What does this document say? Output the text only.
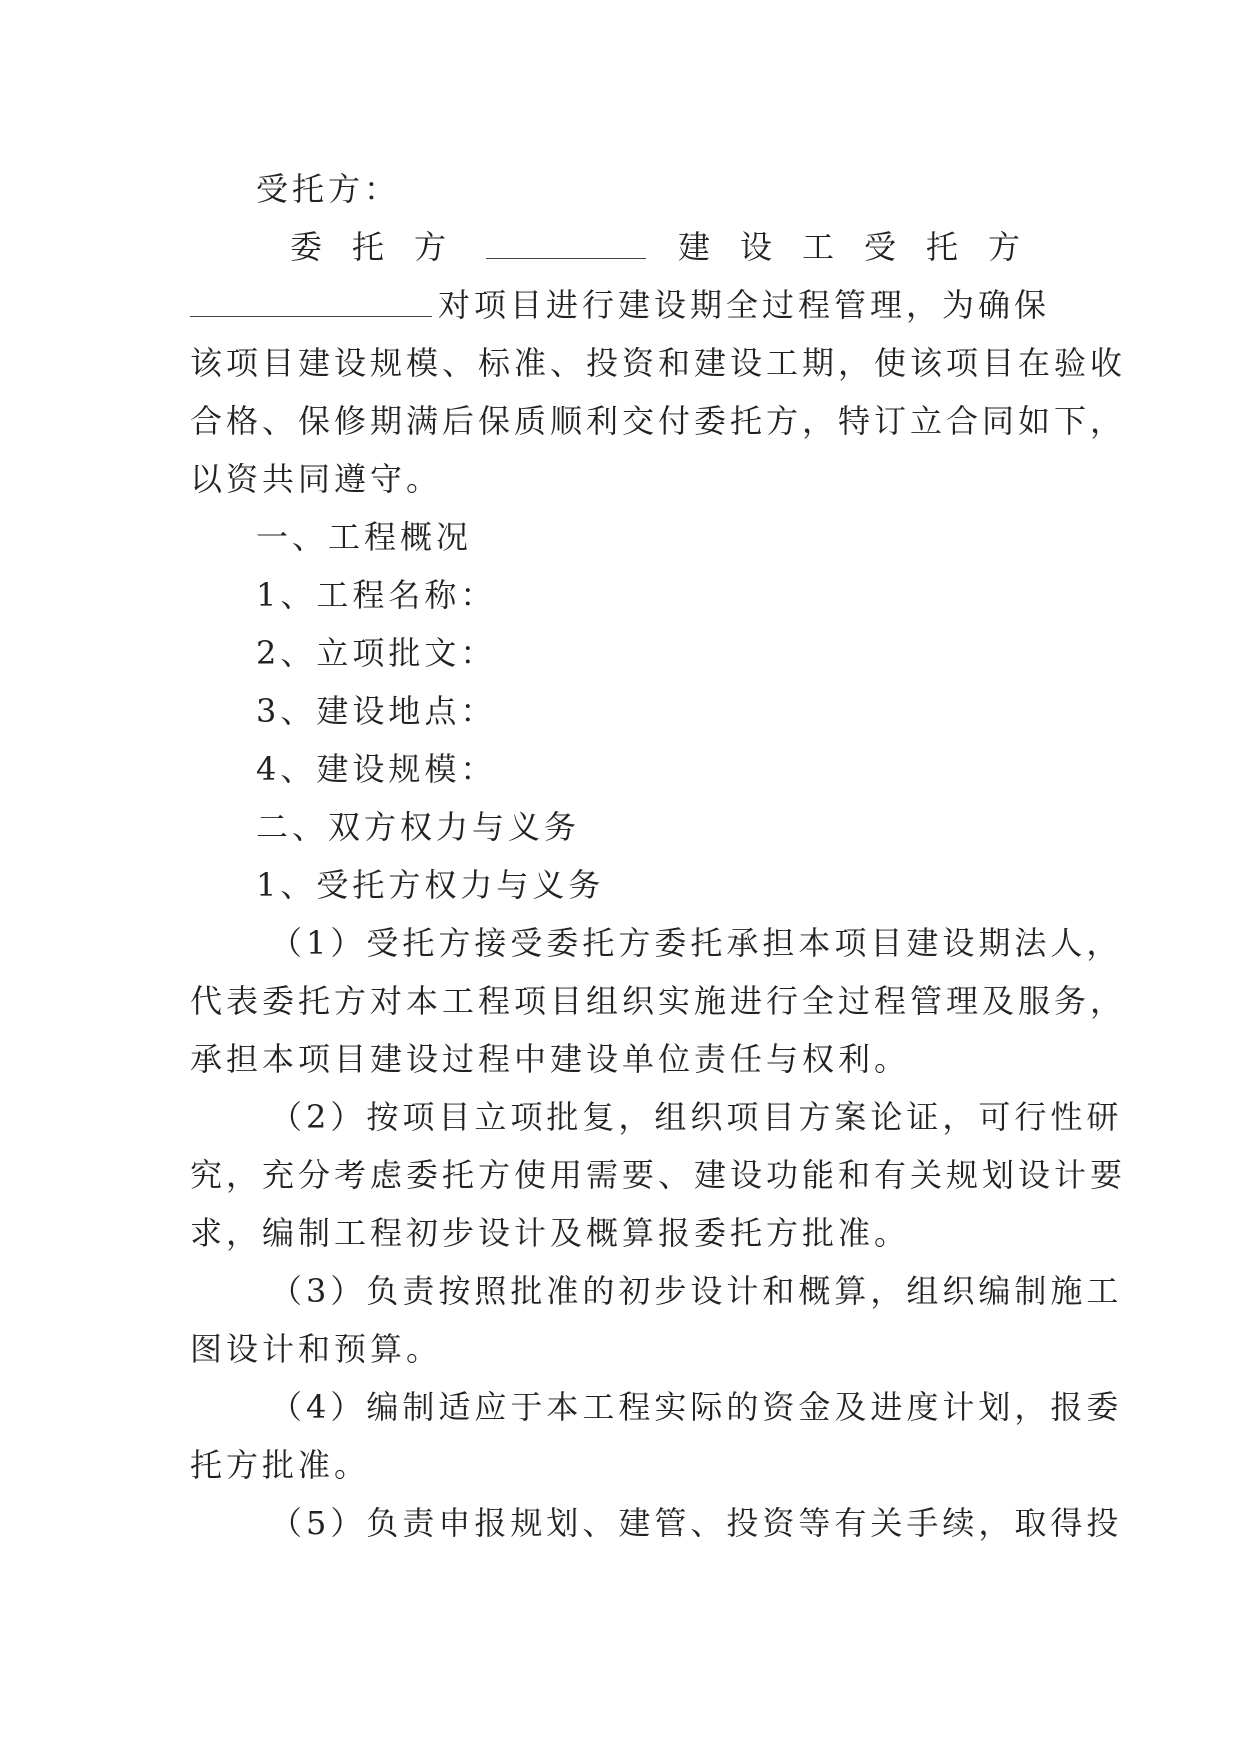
受托方：

委托方	建设工受托方

对项目进行建设期全过程管理，为确保

该项目建设规模、标准、投资和建设工期，使该项目在验收

合格、保修期满后保质顺利交付委托方，特订立合同如下，

以资共同遵守。

一、工程概况

1、工程名称：

2、立项批文：

3、建设地点：

4、建设规模：

二、双方权力与义务

1、受托方权力与义务

（1）受托方接受委托方委托承担本项目建设期法人，

代表委托方对本工程项目组织实施进行全过程管理及服务，

承担本项目建设过程中建设单位责任与权利。

（2）按项目立项批复，组织项目方案论证，可行性研

究，充分考虑委托方使用需要、建设功能和有关规划设计要

求，编制工程初步设计及概算报委托方批准。

（3）负责按照批准的初步设计和概算，组织编制施工

图设计和预算。

（4）编制适应于本工程实际的资金及进度计划，报委

托方批准。

（5）负责申报规划、建管、投资等有关手续，取得投
